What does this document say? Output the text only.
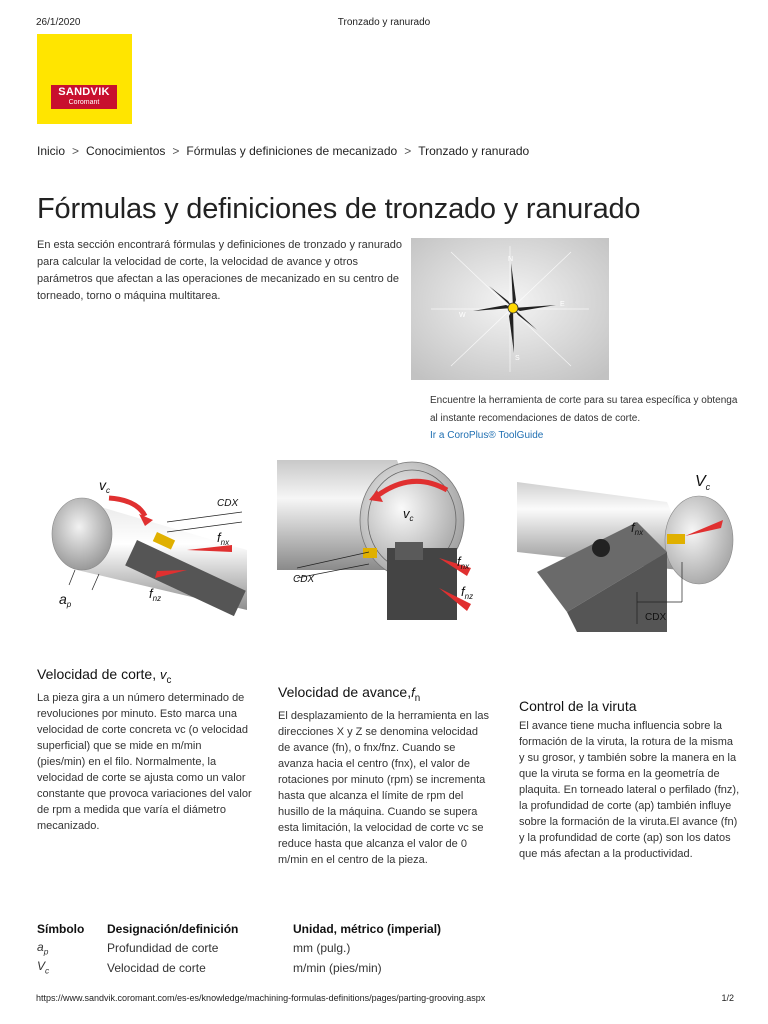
26/1/2020	Tronzado y ranurado
SANDVIK
Coromant
Inicio > Conocimientos > Fórmulas y definiciones de mecanizado > Tronzado y ranurado
Fórmulas y definiciones de tronzado y ranurado

En esta sección encontrará fórmulas y definiciones de tronzado y ranurado para calcular la velocidad de corte, la velocidad de avance y otros parámetros que afectan a las operaciones de mecanizado en su centro de torneado, torno o máquina multitarea.

N
S
E
W

Encuentre la herramienta de corte para su tarea específica y obtenga al instante recomendaciones de datos de corte.

Ir a CoroPlus® ToolGuide
$v_c$
CDX
$f_{nx}$
$f_{nz}$
$a_p$
$v_c$
CDX
$f_{nx}$
$f_{nz}$
$V_c$
$f_{nx}$
CDX
Velocidad de corte, $v_c$

La pieza gira a un número determinado de revoluciones por minuto. Esto marca una velocidad de corte concreta vc (o velocidad superficial) que se mide en m/min (pies/min) en el filo. Normalmente, la velocidad de corte se ajusta como un valor constante que provoca variaciones del valor de rpm a medida que varía el diámetro mecanizado.

Velocidad de $avance,f_n$

El desplazamiento de la herramienta en las direcciones X y Z se denomina velocidad de avance (fn), o fnx/fnz. Cuando se avanza hacia el centro (fnx), el valor de rotaciones por minuto (rpm) se incrementa hasta que alcanza el límite de rpm del husillo de la máquina. Cuando se supera esta limitación, la velocidad de corte vc se reduce hasta que alcanza el valor de 0 m/min en el centro de la pieza.

Control de la viruta

El avance tiene mucha influencia sobre la formación de la viruta, la rotura de la misma y su grosor, y también sobre la manera en la que la viruta se forma en la geometría de plaquita. En torneado lateral o perfilado (fnz), la profundidad de corte (ap) también influye sobre la formación de la viruta.El avance (fn) y la profundidad de corte (ap) son los datos que más afectan a la productividad.

Símbolo	Designación/definición	Unidad, métrico (imperial)
$a_p$	Profundidad de corte	mm (pulg.)
$V_c$	Velocidad de corte	m/min (pies/min)
https://www.sandvik.coromant.com/es-es/knowledge/machining-formulas-definitions/pages/parting-grooving.aspx	1/2
